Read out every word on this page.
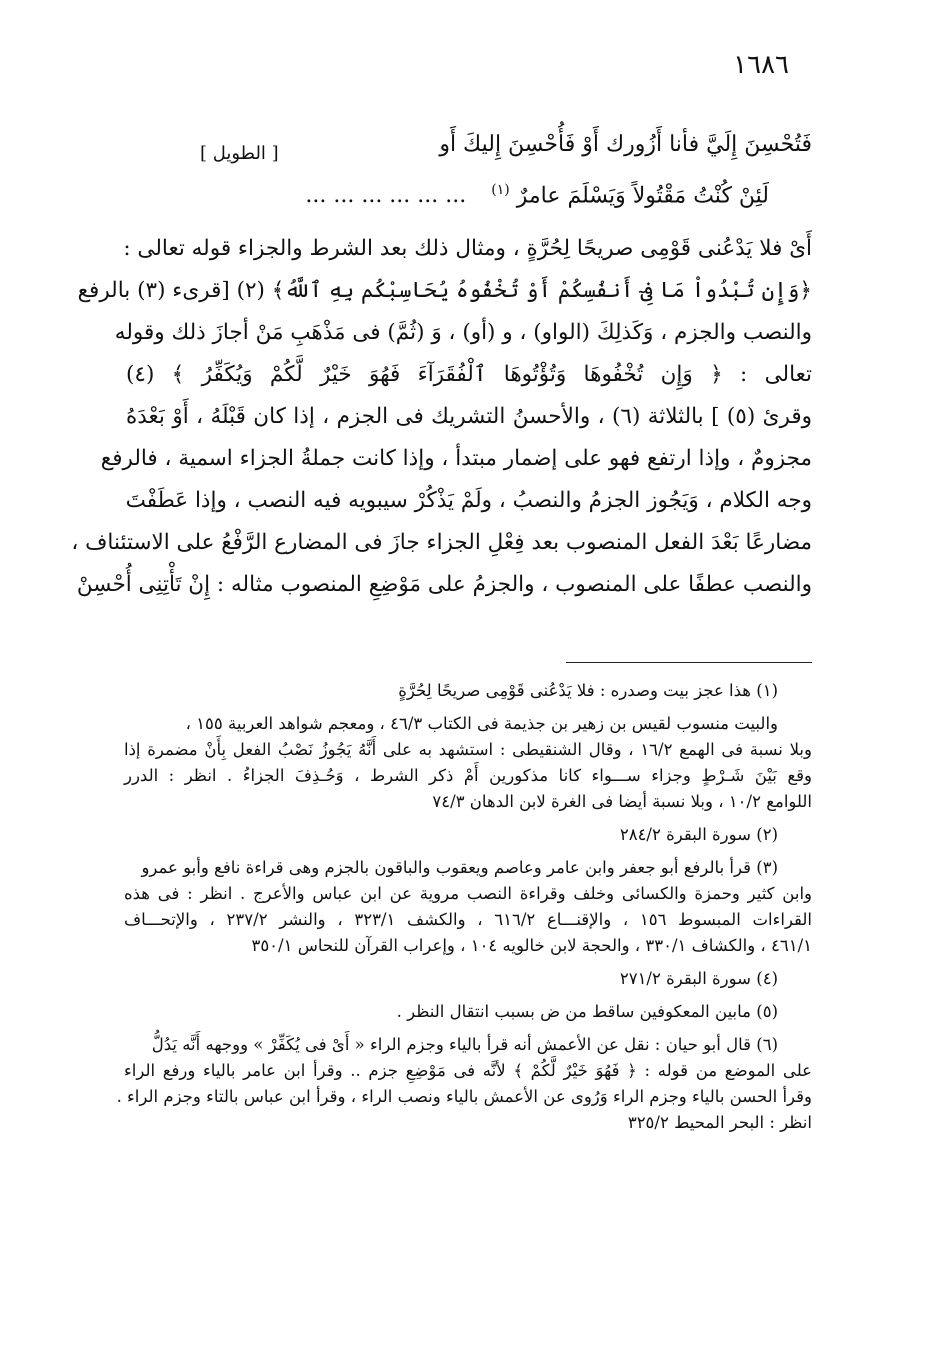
١٦٨٦
فَتُحْسِنَ إِلَيَّ فأنا أَزُورك أَوْ فَأُحْسِنَ إِليكَ أَو
[ الطويل ]
لَئِنْ كُنْتُ مَقْتُولاً وَيَسْلَمَ عامرٌ $^{(١)}$ ... ... ... ... ... ...

أَىْ فلا يَدْعُنى قَوْمِى صريحًا لِحُرَّةٍ ، ومثال ذلك بعد الشرط والجزاء قوله تعالى :

﴿وَإِن تُبْدُواْ مَا فِىٓ أَنفُسِكُمْ أَوْ تُخْفُوهُ يُحَاسِبْكُم بِهِ ٱللَّهُ﴾ (٢) [قرىء (٣) بالرفع

والنصب والجزم ، وَكَذلِكَ (الواو) ، و (أو) ، وَ (ثُمَّ) فى مَذْهَبِ مَنْ أجازَ ذلك وقوله

تعالى : ﴿ وَإِن تُخْفُوهَا وَتُؤْتُوهَا ٱلْفُقَرَآءَ فَهُوَ خَيْرٌ لَّكُمْ وَيُكَفِّرُ ﴾ (٤)

وقرئ (٥) ] بالثلاثة (٦) ، والأحسنُ التشريك فى الجزم ، إذا كان قَبْلَهُ ، أَوْ بَعْدَهُ

مجزومٌ ، وإذا ارتفع فهو على إضمار مبتدأ ، وإذا كانت جملةُ الجزاء اسمية ، فالرفع

وجه الكلام ، وَيَجُوز الجزمُ والنصبُ ، ولَمْ يَذْكُرْ سيبويه فيه النصب ، وإذا عَطَفْتَ

مضارعًا بَعْدَ الفعل المنصوب بعد فِعْلِ الجزاء جازَ فى المضارع الرَّفْعُ على الاستئناف ،

والنصب عطفًا على المنصوب ، والجزمُ على مَوْضِعِ المنصوب مثاله : إِنْ تَأْتِنِى أُحْسِنْ

(١) هذا عجز بيت وصدره : فلا يَدْعُنى قَوْمِى صريحًا لِحُرَّةٍ
والبيت منسوب لقيس بن زهير بن جذيمة فى الكتاب ٤٦/٣ ، ومعجم شواهد العربية ١٥٥ ،
وبلا نسبة فى الهمع ١٦/٢ ، وقال الشنقيطى : استشهد به على أَنَّهُ يَجُوزُ نَصْبُ الفعل بِأَنْ مضمرة إذا
وقع بَيْنَ شَـرْطٍ وجزاء ســـواء كانا مذكورين أَمْ ذكر الشرط ، وَحُـذِفَ الجزاءُ . انظر : الدرر
اللوامع ١٠/٢ ، وبلا نسبة أيضا فى الغرة لابن الدهان ٧٤/٣
(٢) سورة البقرة ٢٨٤/٢
(٣) قرأ بالرفع أبو جعفر وابن عامر وعاصم ويعقوب والباقون بالجزم وهى قراءة نافع وأبو عمرو
وابن كثير وحمزة والكسائى وخلف وقراءة النصب مروية عن ابن عباس والأعرج . انظر : فى هذه
القراءات المبسوط ١٥٦ ، والإقنـــاع ٦١٦/٢ ، والكشف ٣٢٣/١ ، والنشر ٢٣٧/٢ ، والإتحـــاف
٤٦١/١ ، والكشاف ٣٣٠/١ ، والحجة لابن خالويه ١٠٤ ، وإعراب القرآن للنحاس ٣٥٠/١
(٤) سورة البقرة ٢٧١/٢
(٥) مابين المعكوفين ساقط من ض بسبب انتقال النظر .
(٦) قال أبو حيان : نقل عن الأعمش أنه قرأ بالياء وجزم الراء « أَىْ فى يُكَفِّرْ » ووجهه أَنَّه يَدُلُّ
على الموضع من قوله : ﴿ فَهُوَ خَيْرٌ لَّكُمْ ﴾ لأنَّه فى مَوْضِعِ جزم .. وقرأ ابن عامر بالياء ورفع الراء
وقرأ الحسن بالياء وجزم الراء وَرُوى عن الأعمش بالياء ونصب الراء ، وقرأ ابن عباس بالتاء وجزم الراء .
انظر : البحر المحيط ٣٢٥/٢
